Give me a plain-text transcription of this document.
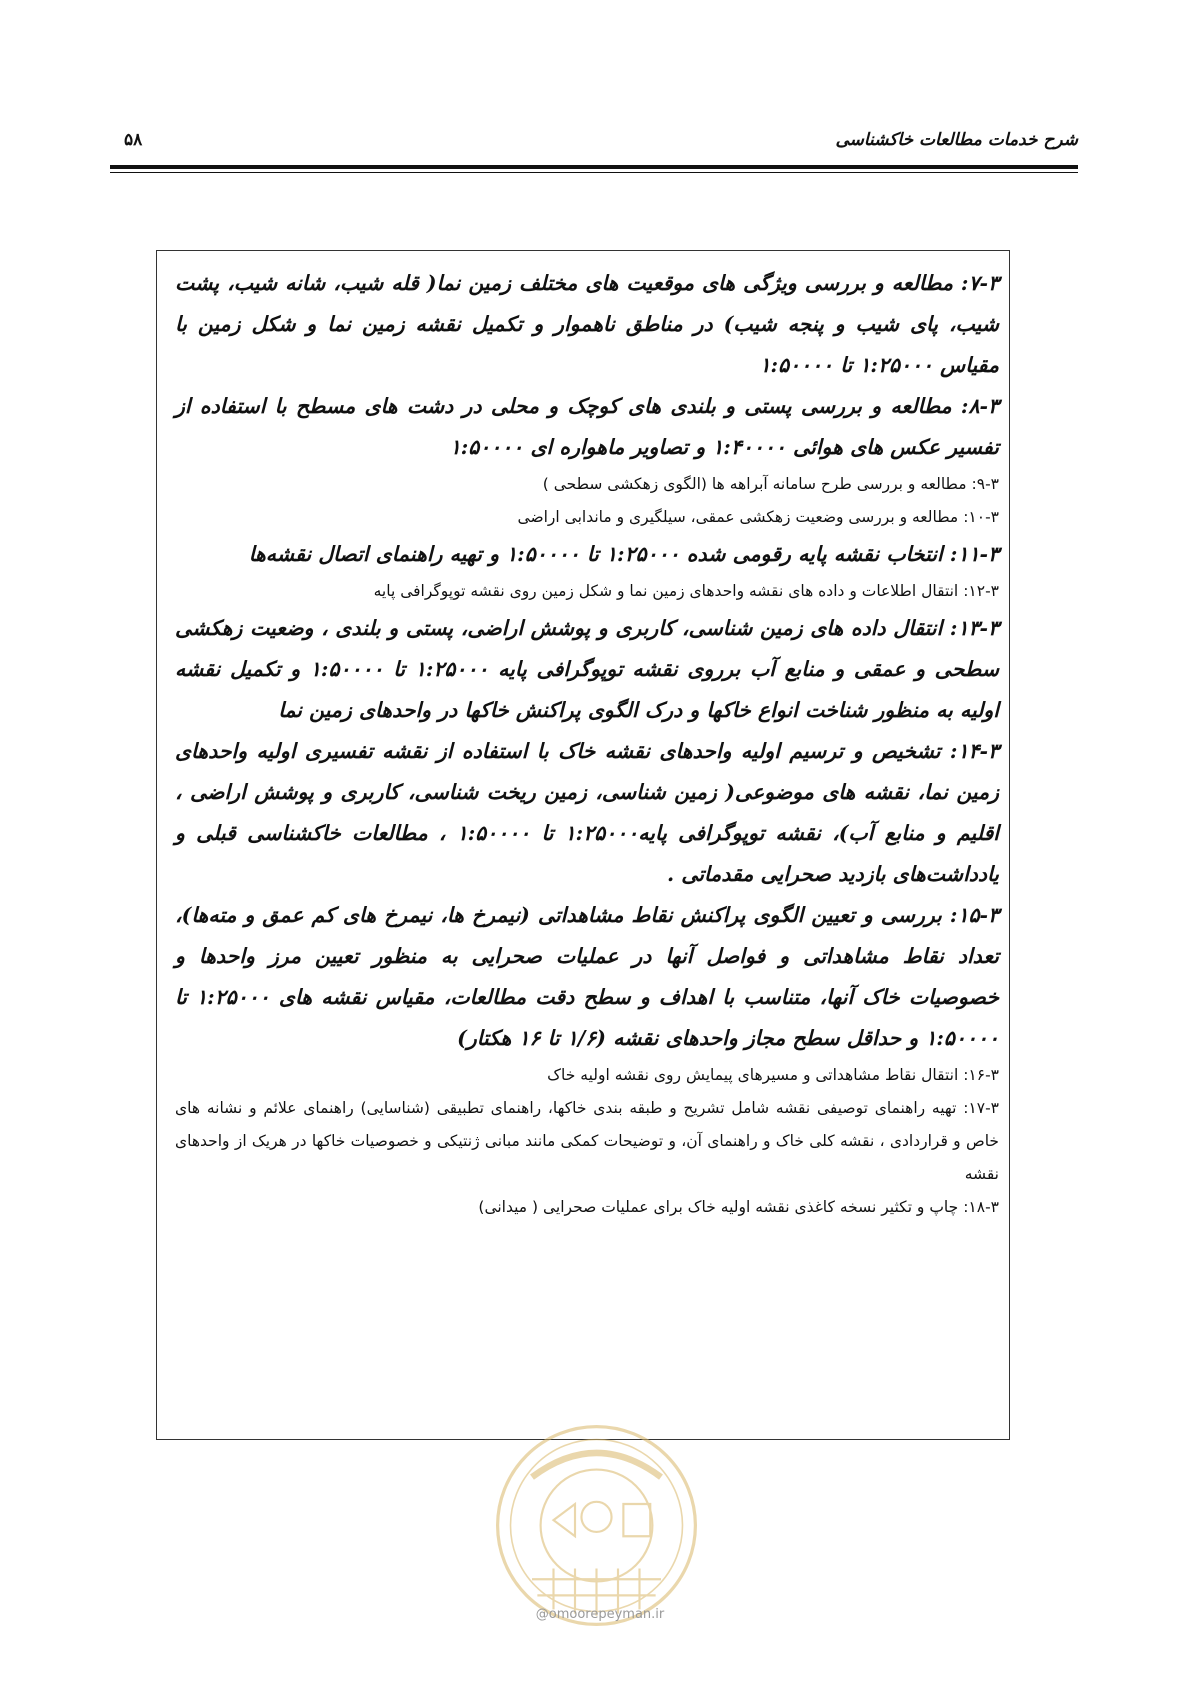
شرح خدمات مطالعات خاکشناسی
۵۸

۷-۳: مطالعه و بررسی ویژگی های موقعیت های مختلف زمین نما( قله شیب، شانه شیب، پشت شیب، پای شیب و پنجه شیب) در مناطق ناهموار و تکمیل نقشه زمین نما و شکل زمین با مقیاس ۱:۲۵۰۰۰ تا ۱:۵۰۰۰۰

۸-۳: مطالعه و بررسی پستی و بلندی های کوچک و محلی در دشت های مسطح با استفاده از تفسیر عکس های هوائی ۱:۴۰۰۰۰ و تصاویر ماهواره ای ۱:۵۰۰۰۰

۹-۳: مطالعه و بررسی طرح سامانه آبراهه ها (الگوی زهکشی سطحی )

۱۰-۳: مطالعه و بررسی وضعیت زهکشی عمقی، سیلگیری و ماندابی اراضی

۱۱-۳: انتخاب نقشه پایه رقومی شده ۱:۲۵۰۰۰ تا ۱:۵۰۰۰۰ و تهیه راهنمای اتصال نقشه‌ها

۱۲-۳: انتقال اطلاعات و داده های نقشه واحدهای زمین نما و شکل زمین روی نقشه توپوگرافی پایه

۱۳-۳: انتقال داده های زمین شناسی، کاربری و پوشش اراضی، پستی و بلندی ، وضعیت زهکشی سطحی و عمقی و منابع آب برروی نقشه توپوگرافی پایه ۱:۲۵۰۰۰ تا ۱:۵۰۰۰۰ و تکمیل نقشه اولیه به منظور شناخت انواع خاکها و درک الگوی پراکنش خاکها در واحدهای زمین نما

۱۴-۳: تشخیص و ترسیم اولیه واحدهای نقشه خاک با استفاده از نقشه تفسیری اولیه واحدهای زمین نما، نقشه های موضوعی( زمین شناسی، زمین ریخت شناسی، کاربری و پوشش اراضی ، اقلیم و منابع آب)، نقشه توپوگرافی پایه۱:۲۵۰۰۰ تا ۱:۵۰۰۰۰ ، مطالعات خاکشناسی قبلی و یادداشت‌های بازدید صحرایی مقدماتی .

۱۵-۳: بررسی و تعیین الگوی پراکنش نقاط مشاهداتی (نیمرخ ها، نیمرخ های کم عمق و مته‌ها)، تعداد نقاط مشاهداتی و فواصل آنها در عملیات صحرایی به منظور تعیین مرز واحدها و خصوصیات خاک آنها، متناسب با اهداف و سطح دقت مطالعات، مقیاس نقشه های ۱:۲۵۰۰۰ تا ۱:۵۰۰۰۰ و حداقل سطح مجاز واحدهای نقشه (۱/۶ تا ۱۶ هکتار)

۱۶-۳: انتقال نقاط مشاهداتی و مسیرهای پیمایش روی نقشه اولیه خاک

۱۷-۳: تهیه راهنمای توصیفی نقشه شامل تشریح و طبقه بندی خاکها، راهنمای تطبیقی (شناسایی) راهنمای علائم و نشانه های خاص و قراردادی ، نقشه کلی خاک و راهنمای آن، و توضیحات کمکی مانند مبانی ژنتیکی و خصوصیات خاکها در هریک از واحدهای نقشه

۱۸-۳: چاپ و تکثیر نسخه کاغذی نقشه اولیه خاک برای عملیات صحرایی ( میدانی)

@omoorepeyman.ir
